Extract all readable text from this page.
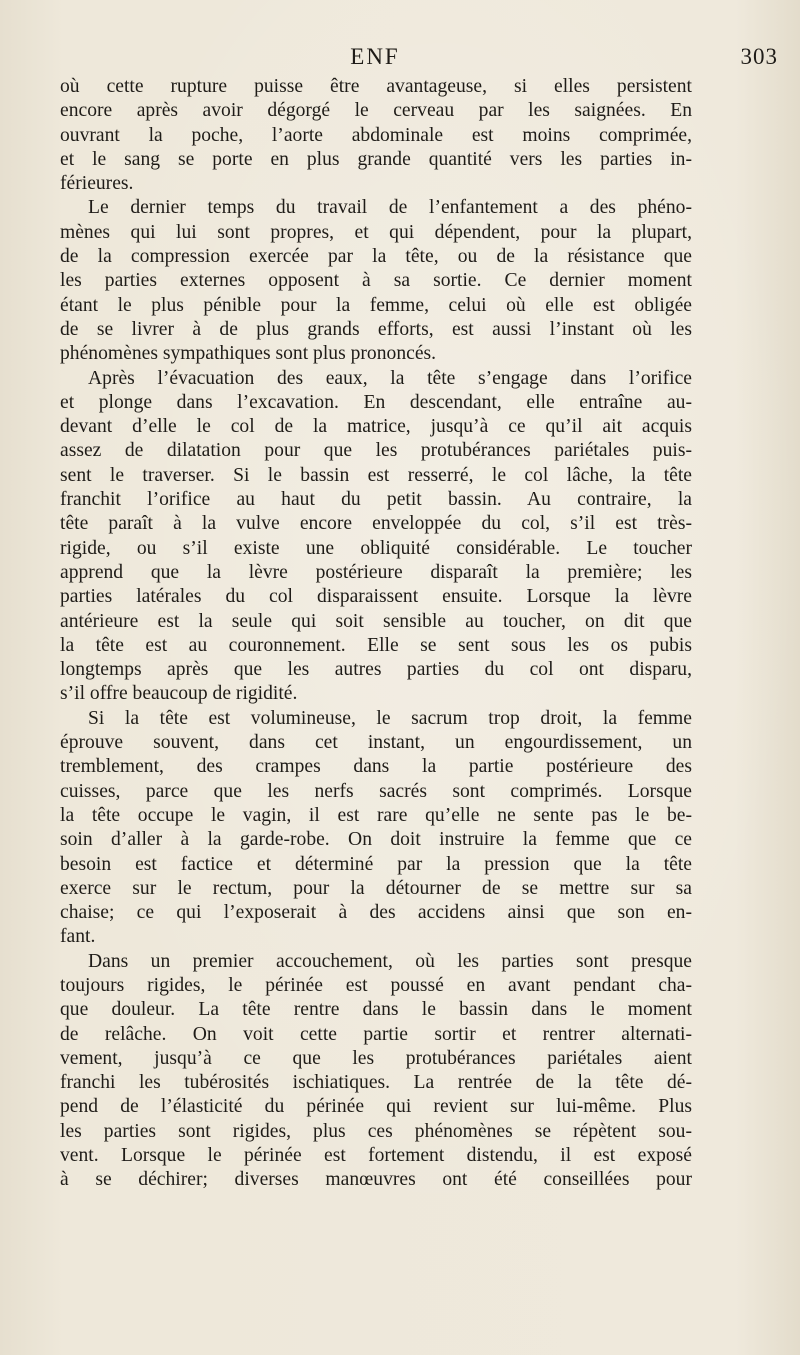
ENF	303
où cette rupture puisse être avantageuse, si elles persistent
encore après avoir dégorgé le cerveau par les saignées. En
ouvrant la poche, l’aorte abdominale est moins comprimée,
et le sang se porte en plus grande quantité vers les parties in-
férieures.
Le dernier temps du travail de l’enfantement a des phéno-
mènes qui lui sont propres, et qui dépendent, pour la plupart,
de la compression exercée par la tête, ou de la résistance que
les parties externes opposent à sa sortie. Ce dernier moment
étant le plus pénible pour la femme, celui où elle est obligée
de se livrer à de plus grands efforts, est aussi l’instant où les
phénomènes sympathiques sont plus prononcés.
Après l’évacuation des eaux, la tête s’engage dans l’orifice
et plonge dans l’excavation. En descendant, elle entraîne au-
devant d’elle le col de la matrice, jusqu’à ce qu’il ait acquis
assez de dilatation pour que les protubérances pariétales puis-
sent le traverser. Si le bassin est resserré, le col lâche, la tête
franchit l’orifice au haut du petit bassin. Au contraire, la
tête paraît à la vulve encore enveloppée du col, s’il est très-
rigide, ou s’il existe une obliquité considérable. Le toucher
apprend que la lèvre postérieure disparaît la première; les
parties latérales du col disparaissent ensuite. Lorsque la lèvre
antérieure est la seule qui soit sensible au toucher, on dit que
la tête est au couronnement. Elle se sent sous les os pubis
longtemps après que les autres parties du col ont disparu,
s’il offre beaucoup de rigidité.
Si la tête est volumineuse, le sacrum trop droit, la femme
éprouve souvent, dans cet instant, un engourdissement, un
tremblement, des crampes dans la partie postérieure des
cuisses, parce que les nerfs sacrés sont comprimés. Lorsque
la tête occupe le vagin, il est rare qu’elle ne sente pas le be-
soin d’aller à la garde-robe. On doit instruire la femme que ce
besoin est factice et déterminé par la pression que la tête
exerce sur le rectum, pour la détourner de se mettre sur sa
chaise; ce qui l’exposerait à des accidens ainsi que son en-
fant.
Dans un premier accouchement, où les parties sont presque
toujours rigides, le périnée est poussé en avant pendant cha-
que douleur. La tête rentre dans le bassin dans le moment
de relâche. On voit cette partie sortir et rentrer alternati-
vement, jusqu’à ce que les protubérances pariétales aient
franchi les tubérosités ischiatiques. La rentrée de la tête dé-
pend de l’élasticité du périnée qui revient sur lui-même. Plus
les parties sont rigides, plus ces phénomènes se répètent sou-
vent. Lorsque le périnée est fortement distendu, il est exposé
à se déchirer; diverses manœuvres ont été conseillées pour
